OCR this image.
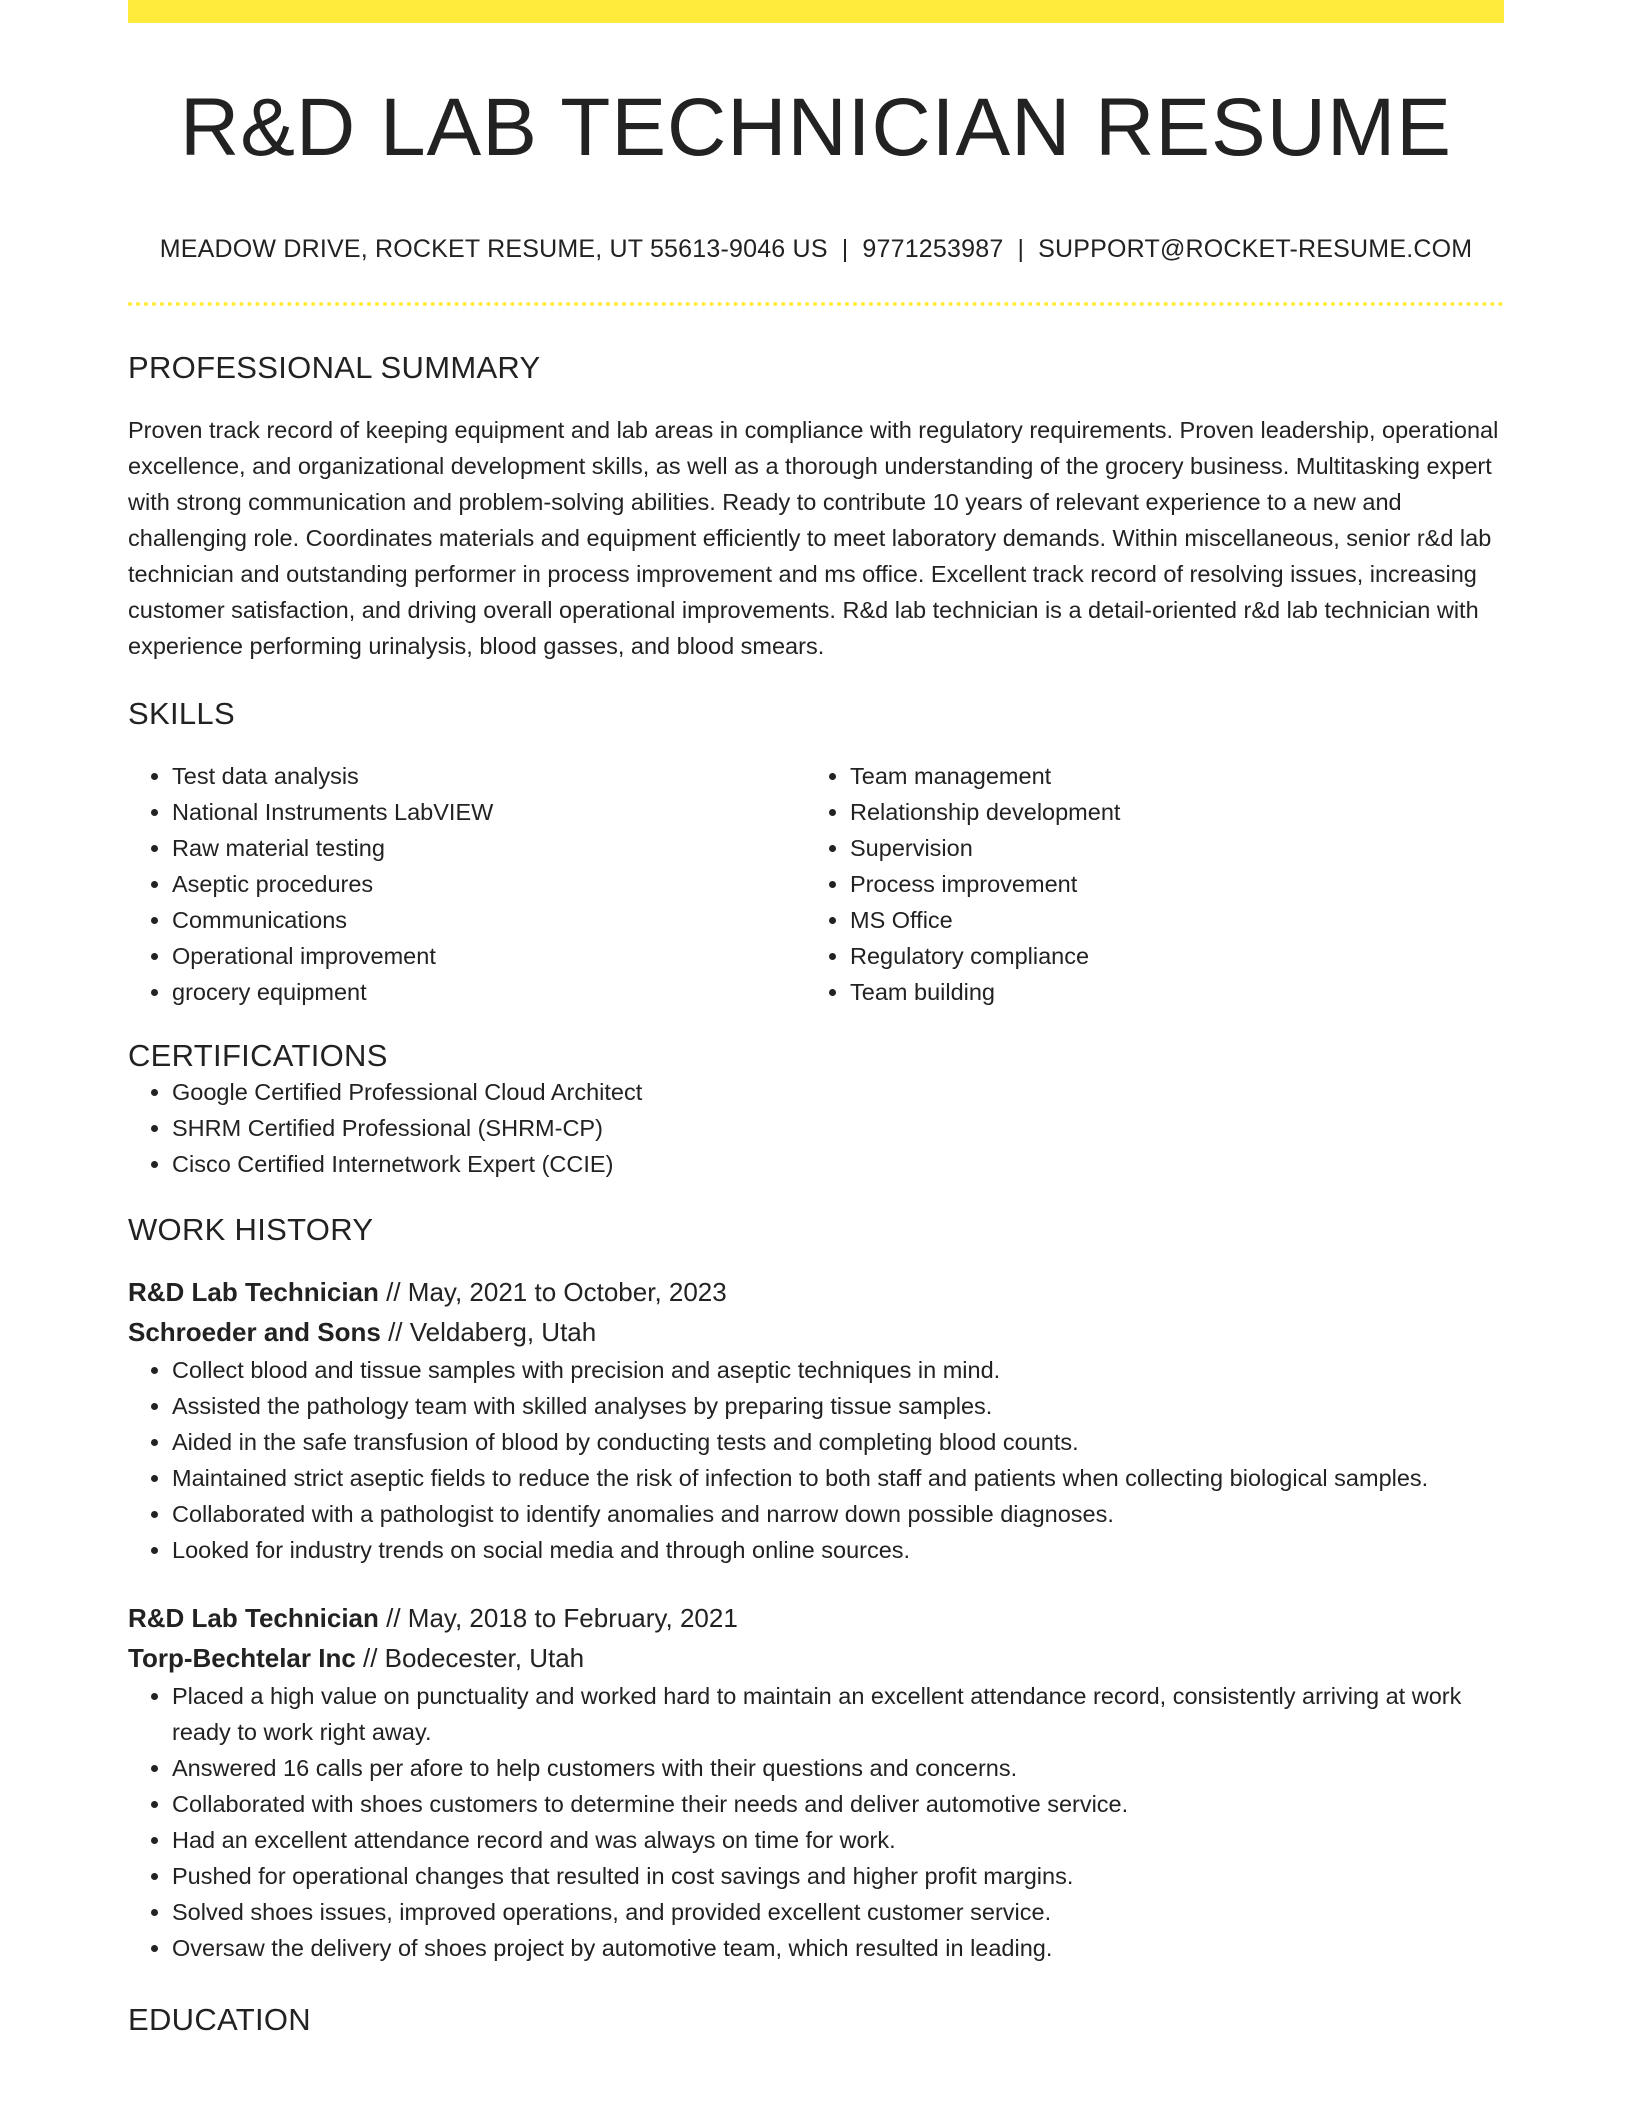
R&D LAB TECHNICIAN RESUME
MEADOW DRIVE, ROCKET RESUME, UT 55613-9046 US | 9771253987 | SUPPORT@ROCKET-RESUME.COM
PROFESSIONAL SUMMARY

Proven track record of keeping equipment and lab areas in compliance with regulatory requirements. Proven leadership, operational excellence, and organizational development skills, as well as a thorough understanding of the grocery business. Multitasking expert with strong communication and problem-solving abilities. Ready to contribute 10 years of relevant experience to a new and challenging role. Coordinates materials and equipment efficiently to meet laboratory demands. Within miscellaneous, senior r&d lab technician and outstanding performer in process improvement and ms office. Excellent track record of resolving issues, increasing customer satisfaction, and driving overall operational improvements. R&d lab technician is a detail-oriented r&d lab technician with experience performing urinalysis, blood gasses, and blood smears.

SKILLS
• Test data analysis
• National Instruments LabVIEW
• Raw material testing
• Aseptic procedures
• Communications
• Operational improvement
• grocery equipment
• Team management
• Relationship development
• Supervision
• Process improvement
• MS Office
• Regulatory compliance
• Team building
CERTIFICATIONS
• Google Certified Professional Cloud Architect
• SHRM Certified Professional (SHRM-CP)
• Cisco Certified Internetwork Expert (CCIE)
WORK HISTORY
R&D Lab Technician // May, 2021 to October, 2023
Schroeder and Sons // Veldaberg, Utah
• Collect blood and tissue samples with precision and aseptic techniques in mind.
• Assisted the pathology team with skilled analyses by preparing tissue samples.
• Aided in the safe transfusion of blood by conducting tests and completing blood counts.
• Maintained strict aseptic fields to reduce the risk of infection to both staff and patients when collecting biological samples.
• Collaborated with a pathologist to identify anomalies and narrow down possible diagnoses.
• Looked for industry trends on social media and through online sources.
R&D Lab Technician // May, 2018 to February, 2021
Torp-Bechtelar Inc // Bodecester, Utah
• Placed a high value on punctuality and worked hard to maintain an excellent attendance record, consistently arriving at work ready to work right away.
• Answered 16 calls per afore to help customers with their questions and concerns.
• Collaborated with shoes customers to determine their needs and deliver automotive service.
• Had an excellent attendance record and was always on time for work.
• Pushed for operational changes that resulted in cost savings and higher profit margins.
• Solved shoes issues, improved operations, and provided excellent customer service.
• Oversaw the delivery of shoes project by automotive team, which resulted in leading.
EDUCATION
